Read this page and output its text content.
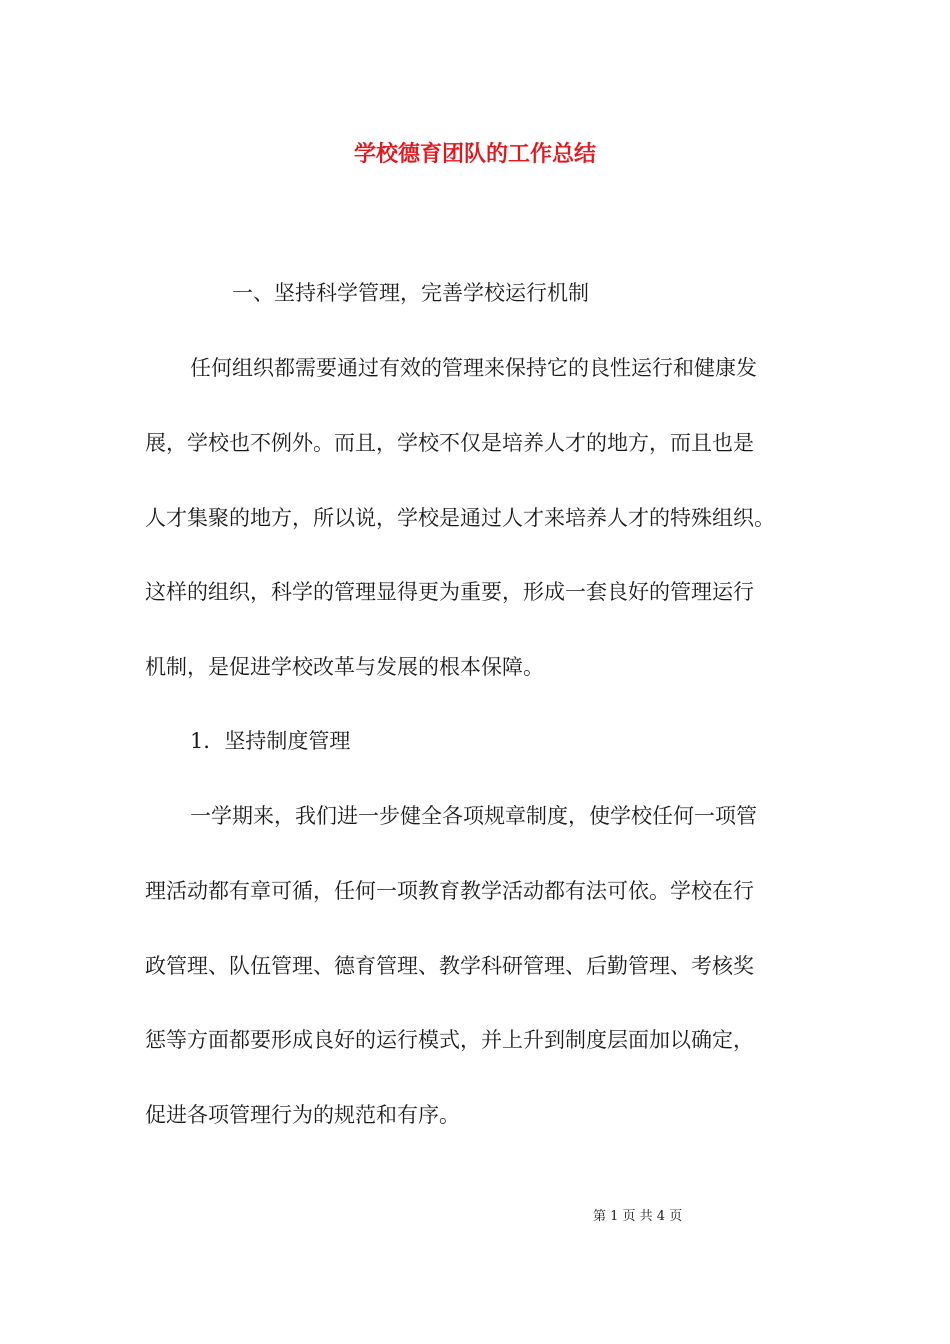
学校德育团队的工作总结
一、坚持科学管理，完善学校运行机制
任何组织都需要通过有效的管理来保持它的良性运行和健康发
展，学校也不例外。而且，学校不仅是培养人才的地方，而且也是
人才集聚的地方，所以说，学校是通过人才来培养人才的特殊组织。
这样的组织，科学的管理显得更为重要，形成一套良好的管理运行
机制，是促进学校改革与发展的根本保障。
1．坚持制度管理
一学期来，我们进一步健全各项规章制度，使学校任何一项管
理活动都有章可循，任何一项教育教学活动都有法可依。学校在行
政管理、队伍管理、德育管理、教学科研管理、后勤管理、考核奖
惩等方面都要形成良好的运行模式，并上升到制度层面加以确定，
促进各项管理行为的规范和有序。
第 1 页 共 4 页
